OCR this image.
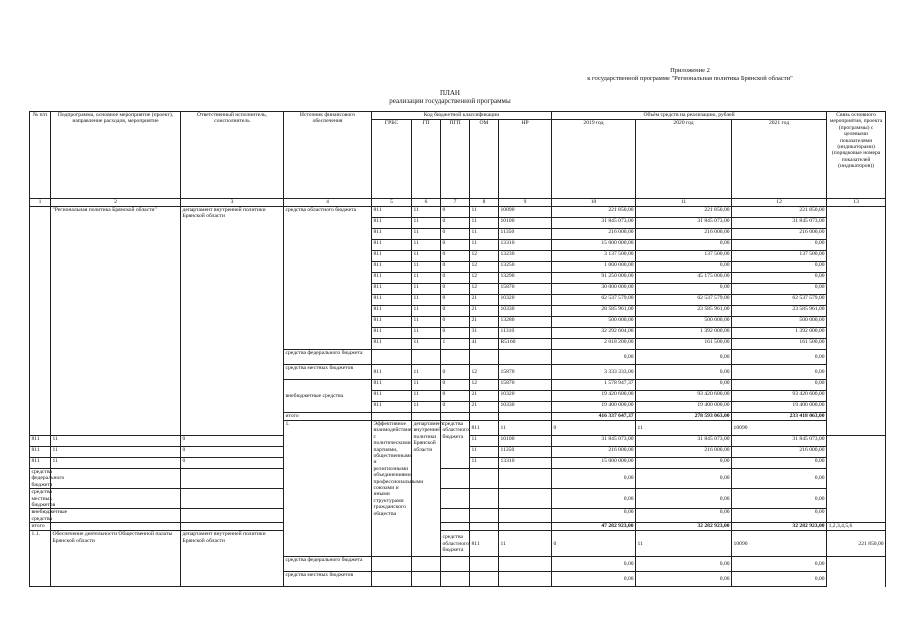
Приложение 2
к государственной программе "Региональная политика Брянской области"
ПЛАН
реализации государственной программы
№ п/п	Подпрограмма, основное мероприятие (проект), направление расходов, мероприятие	Ответственный исполнитель, соисполнитель	Источник финансового обеспечения	Код бюджетной классификации					Объём средств на реализацию, рублей			Связь основного мероприятия, проекта (программы) с целевыми показателями (индикаторами) (порядковые номера показателей (индикаторов))	
				ГРБС	ГП	ПГП	ОМ	НР	2019 год	2020 год	2021 год		
1	2	3	4	5	6	7	8	9	10	11	12	13	
	"Региональная политика Брянской области"	департамент внутренней политики Брянской области	средства областного бюджета	811	11	0	11	10090	221 850,00	221 850,00	221 850,00		
				811	11	0	11	10100	31 845 073,00	31 845 073,00	31 845 073,00		
				811	11	0	11	11350	216 000,00	216 000,00	216 000,00		
				811	11	0	11	13310	15 000 000,00	0,00	0,00		
				811	11	0	12	13230	3 137 500,00	137 500,00	137 500,00		
				811	11	0	12	13250	1 000 000,00	0,00	0,00		
				811	11	0	12	13290	91 250 000,00	45 175 000,00	0,00		
				811	11	0	12	15870	30 000 000,00	0,00	0,00		
				811	11	0	21	10320	62 537 579,00	62 537 579,00	62 537 579,00		
				811	11	0	21	10330	28 585 961,00	23 585 961,00	23 585 961,00		
				811	11	0	21	13280	500 000,00	500 000,00	500 000,00		
				811	11	0	31	11310	32 292 604,00	1 392 000,00	1 392 000,00		
				811	11	1	41	R5160	2 018 200,00	161 500,00	161 500,00		
			средства федерального бюджета						0,00	0,00	0,00		
			средства местных бюджетов	811	11	0	12	15870	3 333 333,00	0,00	0,00		
			внебюджетные средства	811	11	0	12	15870	1 578 947,37	0,00	0,00		
				811	11	0	21	10320	19 420 600,00	93 420 600,00	93 420 600,00		
				811	11	0	21	10330	19 400 000,00	19 400 000,00	19 400 000,00		
			итого						416 337 647,37	278 593 063,00	233 418 063,00		
			1.	Эффективное взаимодействие с политическими партиями, общественными и религиозными объединениями, профессиональными союзами и иными структурами гражданского общества	департамент внутренней политики Брянской области	средства областного бюджета	811	11	0	11	10090				
811	11	0					11	10100	31 845 073,00	31 845 073,00	31 845 073,00		
811	11	0					11	11350	216 000,00	216 000,00	216 000,00		
811	11	0					11	13310	15 000 000,00	0,00	0,00		
средства федерального бюджета									0,00	0,00	0,00		
средства местных бюджетов									0,00	0,00	0,00		
внебюджетные средства									0,00	0,00	0,00		
итого									47 282 923,00	32 282 923,00	32 282 923,00	1,2,3,4,5,6	
1.1.	Обеспечение деятельности Общественной палаты Брянской области	департамент внутренней политики Брянской области				средства областного бюджета	811	11	0	11	10090	221 850,00			
			средства федерального бюджета						0,00	0,00	0,00		
			средства местных бюджетов						0,00	0,00	0,00		
